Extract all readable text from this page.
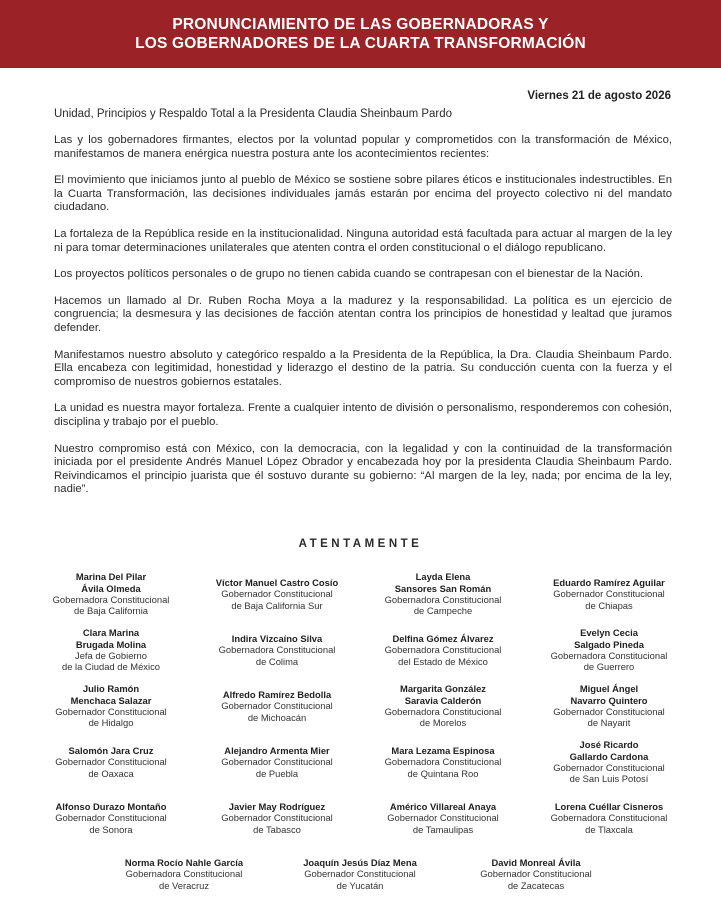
PRONUNCIAMIENTO DE LAS GOBERNADORAS Y
LOS GOBERNADORES DE LA CUARTA TRANSFORMACIÓN
Viernes 21 de agosto 2026

Unidad, Principios y Respaldo Total a la Presidenta Claudia Sheinbaum Pardo

Las y los gobernadores firmantes, electos por la voluntad popular y comprometidos con la transformación de México, manifestamos de manera enérgica nuestra postura ante los acontecimientos recientes:

El movimiento que iniciamos junto al pueblo de México se sostiene sobre pilares éticos e institucionales indestructibles. En la Cuarta Transformación, las decisiones individuales jamás estarán por encima del proyecto colectivo ni del mandato ciudadano.

La fortaleza de la República reside en la institucionalidad. Ninguna autoridad está facultada para actuar al margen de la ley ni para tomar determinaciones unilaterales que atenten contra el orden constitucional o el diálogo republicano.

Los proyectos políticos personales o de grupo no tienen cabida cuando se contrapesan con el bienestar de la Nación.

Hacemos un llamado al Dr. Ruben Rocha Moya a la madurez y la responsabilidad. La política es un ejercicio de congruencia; la desmesura y las decisiones de facción atentan contra los principios de honestidad y lealtad que juramos defender.

Manifestamos nuestro absoluto y categórico respaldo a la Presidenta de la República, la Dra. Claudia Sheinbaum Pardo. Ella encabeza con legitimidad, honestidad y liderazgo el destino de la patria. Su conducción cuenta con la fuerza y el compromiso de nuestros gobiernos estatales.

La unidad es nuestra mayor fortaleza. Frente a cualquier intento de división o personalismo, responderemos con cohesión, disciplina y trabajo por el pueblo.

Nuestro compromiso está con México, con la democracia, con la legalidad y con la continuidad de la transformación iniciada por el presidente Andrés Manuel López Obrador y encabezada hoy por la presidenta Claudia Sheinbaum Pardo. Reivindicamos el principio juarista que él sostuvo durante su gobierno: “Al margen de la ley, nada; por encima de la ley, nadie”.

ATENTAMENTE
Marina Del Pilar
Ávila Olmeda
Gobernadora Constitucional
de Baja California
Víctor Manuel Castro Cosío
Gobernador Constitucional
de Baja California Sur
Layda Elena
Sansores San Román
Gobernadora Constitucional
de Campeche
Eduardo Ramírez Aguilar
Gobernador Constitucional
de Chiapas
Clara Marina
Brugada Molina
Jefa de Gobierno
de la Ciudad de México
Indira Vizcaíno Silva
Gobernadora Constitucional
de Colima
Delfina Gómez Álvarez
Gobernadora Constitucional
del Estado de México
Evelyn Cecia
Salgado Pineda
Gobernadora Constitucional
de Guerrero
Julio Ramón
Menchaca Salazar
Gobernador Constitucional
de Hidalgo
Alfredo Ramírez Bedolla
Gobernador Constitucional
de Michoacán
Margarita González
Saravia Calderón
Gobernadora Constitucional
de Morelos
Miguel Ángel
Navarro Quintero
Gobernador Constitucional
de Nayarit
Salomón Jara Cruz
Gobernador Constitucional
de Oaxaca
Alejandro Armenta Mier
Gobernador Constitucional
de Puebla
Mara Lezama Espinosa
Gobernadora Constitucional
de Quintana Roo
José Ricardo
Gallardo Cardona
Gobernador Constitucional
de San Luis Potosí
Alfonso Durazo Montaño
Gobernador Constitucional
de Sonora
Javier May Rodríguez
Gobernador Constitucional
de Tabasco
Américo Villareal Anaya
Gobernador Constitucional
de Tamaulipas
Lorena Cuéllar Cisneros
Gobernadora Constitucional
de Tlaxcala
Norma Rocío Nahle García
Gobernadora Constitucional
de Veracruz
Joaquín Jesús Díaz Mena
Gobernador Constitucional
de Yucatán
David Monreal Ávila
Gobernador Constitucional
de Zacatecas
